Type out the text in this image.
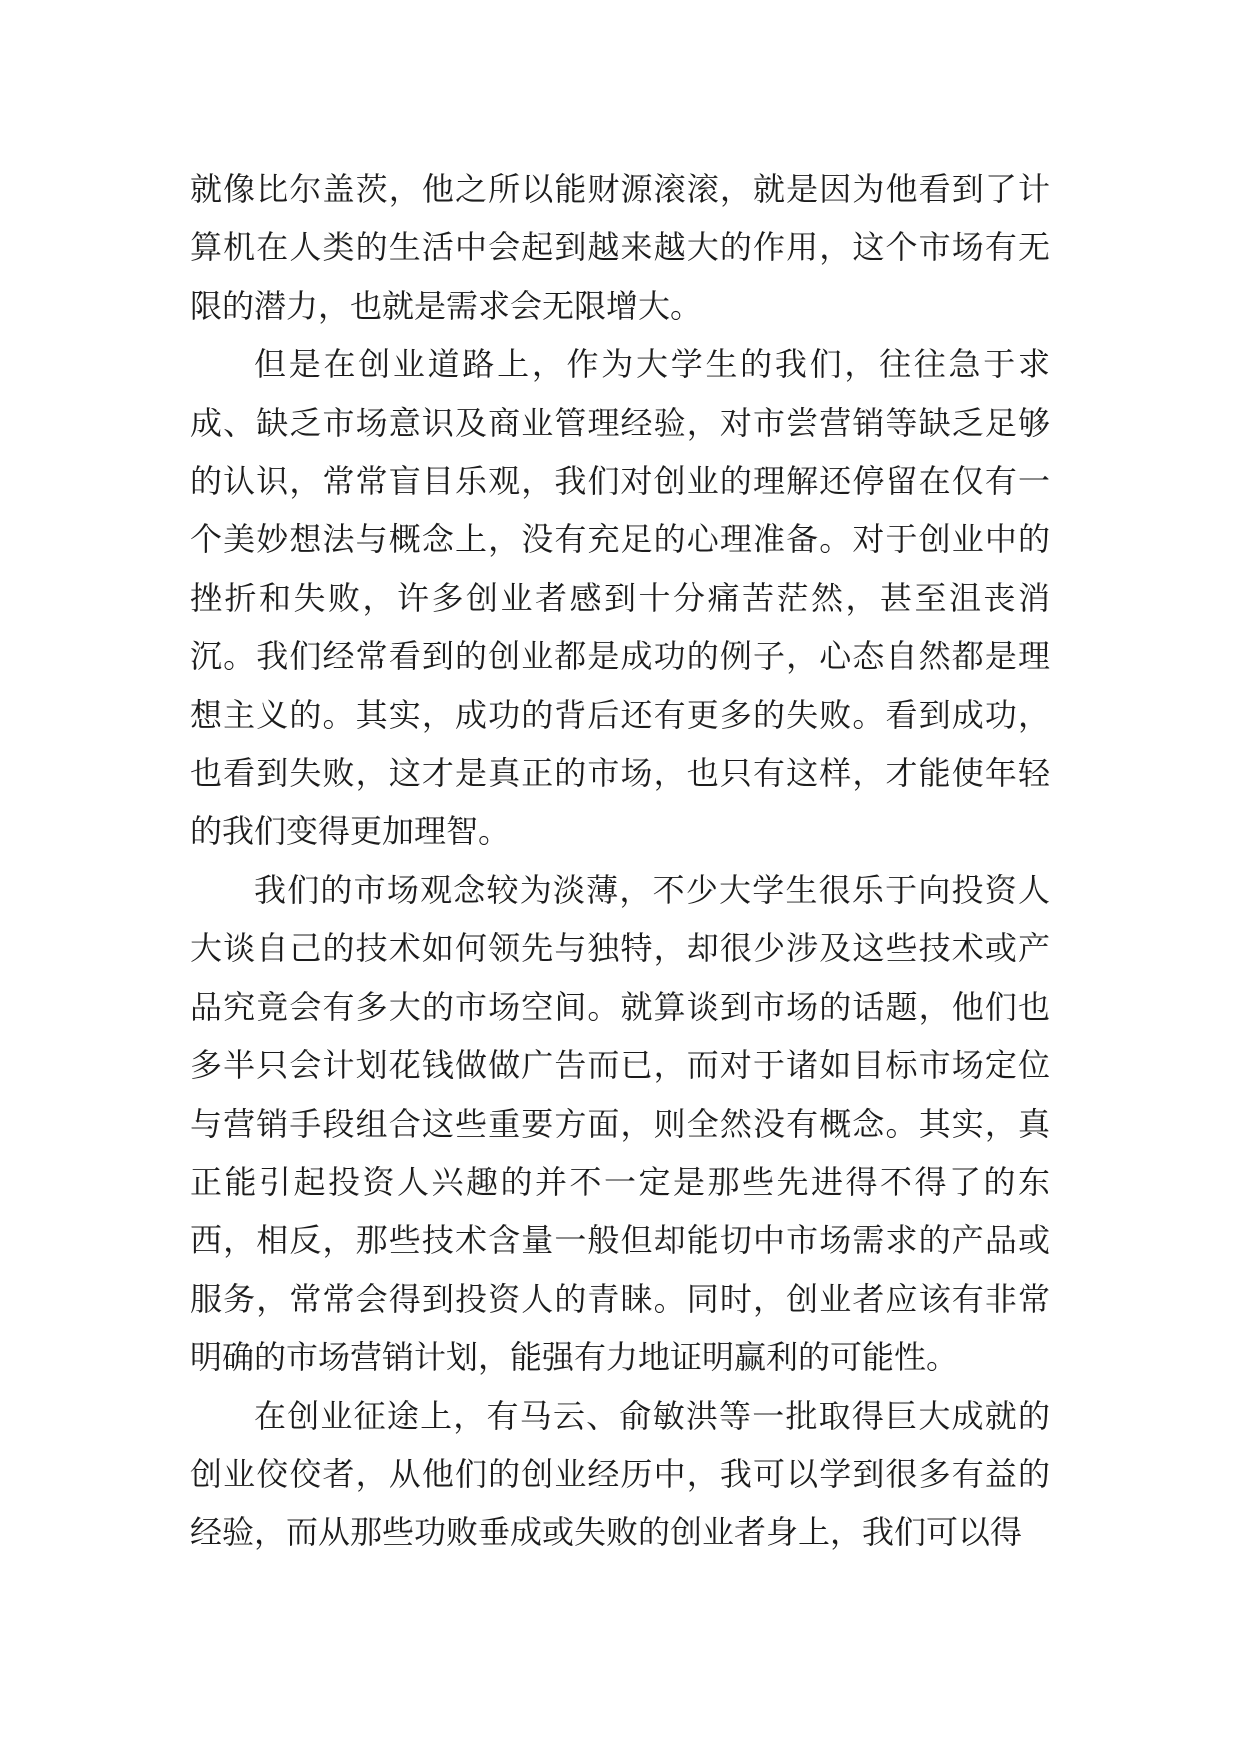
就像比尔盖茨，他之所以能财源滚滚，就是因为他看到了计算机在人类的生活中会起到越来越大的作用，这个市场有无限的潜力，也就是需求会无限增大。

但是在创业道路上，作为大学生的我们，往往急于求成、缺乏市场意识及商业管理经验，对市尝营销等缺乏足够的认识，常常盲目乐观，我们对创业的理解还停留在仅有一个美妙想法与概念上，没有充足的心理准备。对于创业中的挫折和失败，许多创业者感到十分痛苦茫然，甚至沮丧消沉。我们经常看到的创业都是成功的例子，心态自然都是理想主义的。其实，成功的背后还有更多的失败。看到成功，也看到失败，这才是真正的市场，也只有这样，才能使年轻的我们变得更加理智。

我们的市场观念较为淡薄，不少大学生很乐于向投资人大谈自己的技术如何领先与独特，却很少涉及这些技术或产品究竟会有多大的市场空间。就算谈到市场的话题，他们也多半只会计划花钱做做广告而已，而对于诸如目标市场定位与营销手段组合这些重要方面，则全然没有概念。其实，真正能引起投资人兴趣的并不一定是那些先进得不得了的东西，相反，那些技术含量一般但却能切中市场需求的产品或服务，常常会得到投资人的青睐。同时，创业者应该有非常明确的市场营销计划，能强有力地证明赢利的可能性。

在创业征途上，有马云、俞敏洪等一批取得巨大成就的创业佼佼者，从他们的创业经历中，我可以学到很多有益的经验，而从那些功败垂成或失败的创业者身上，我们可以得
